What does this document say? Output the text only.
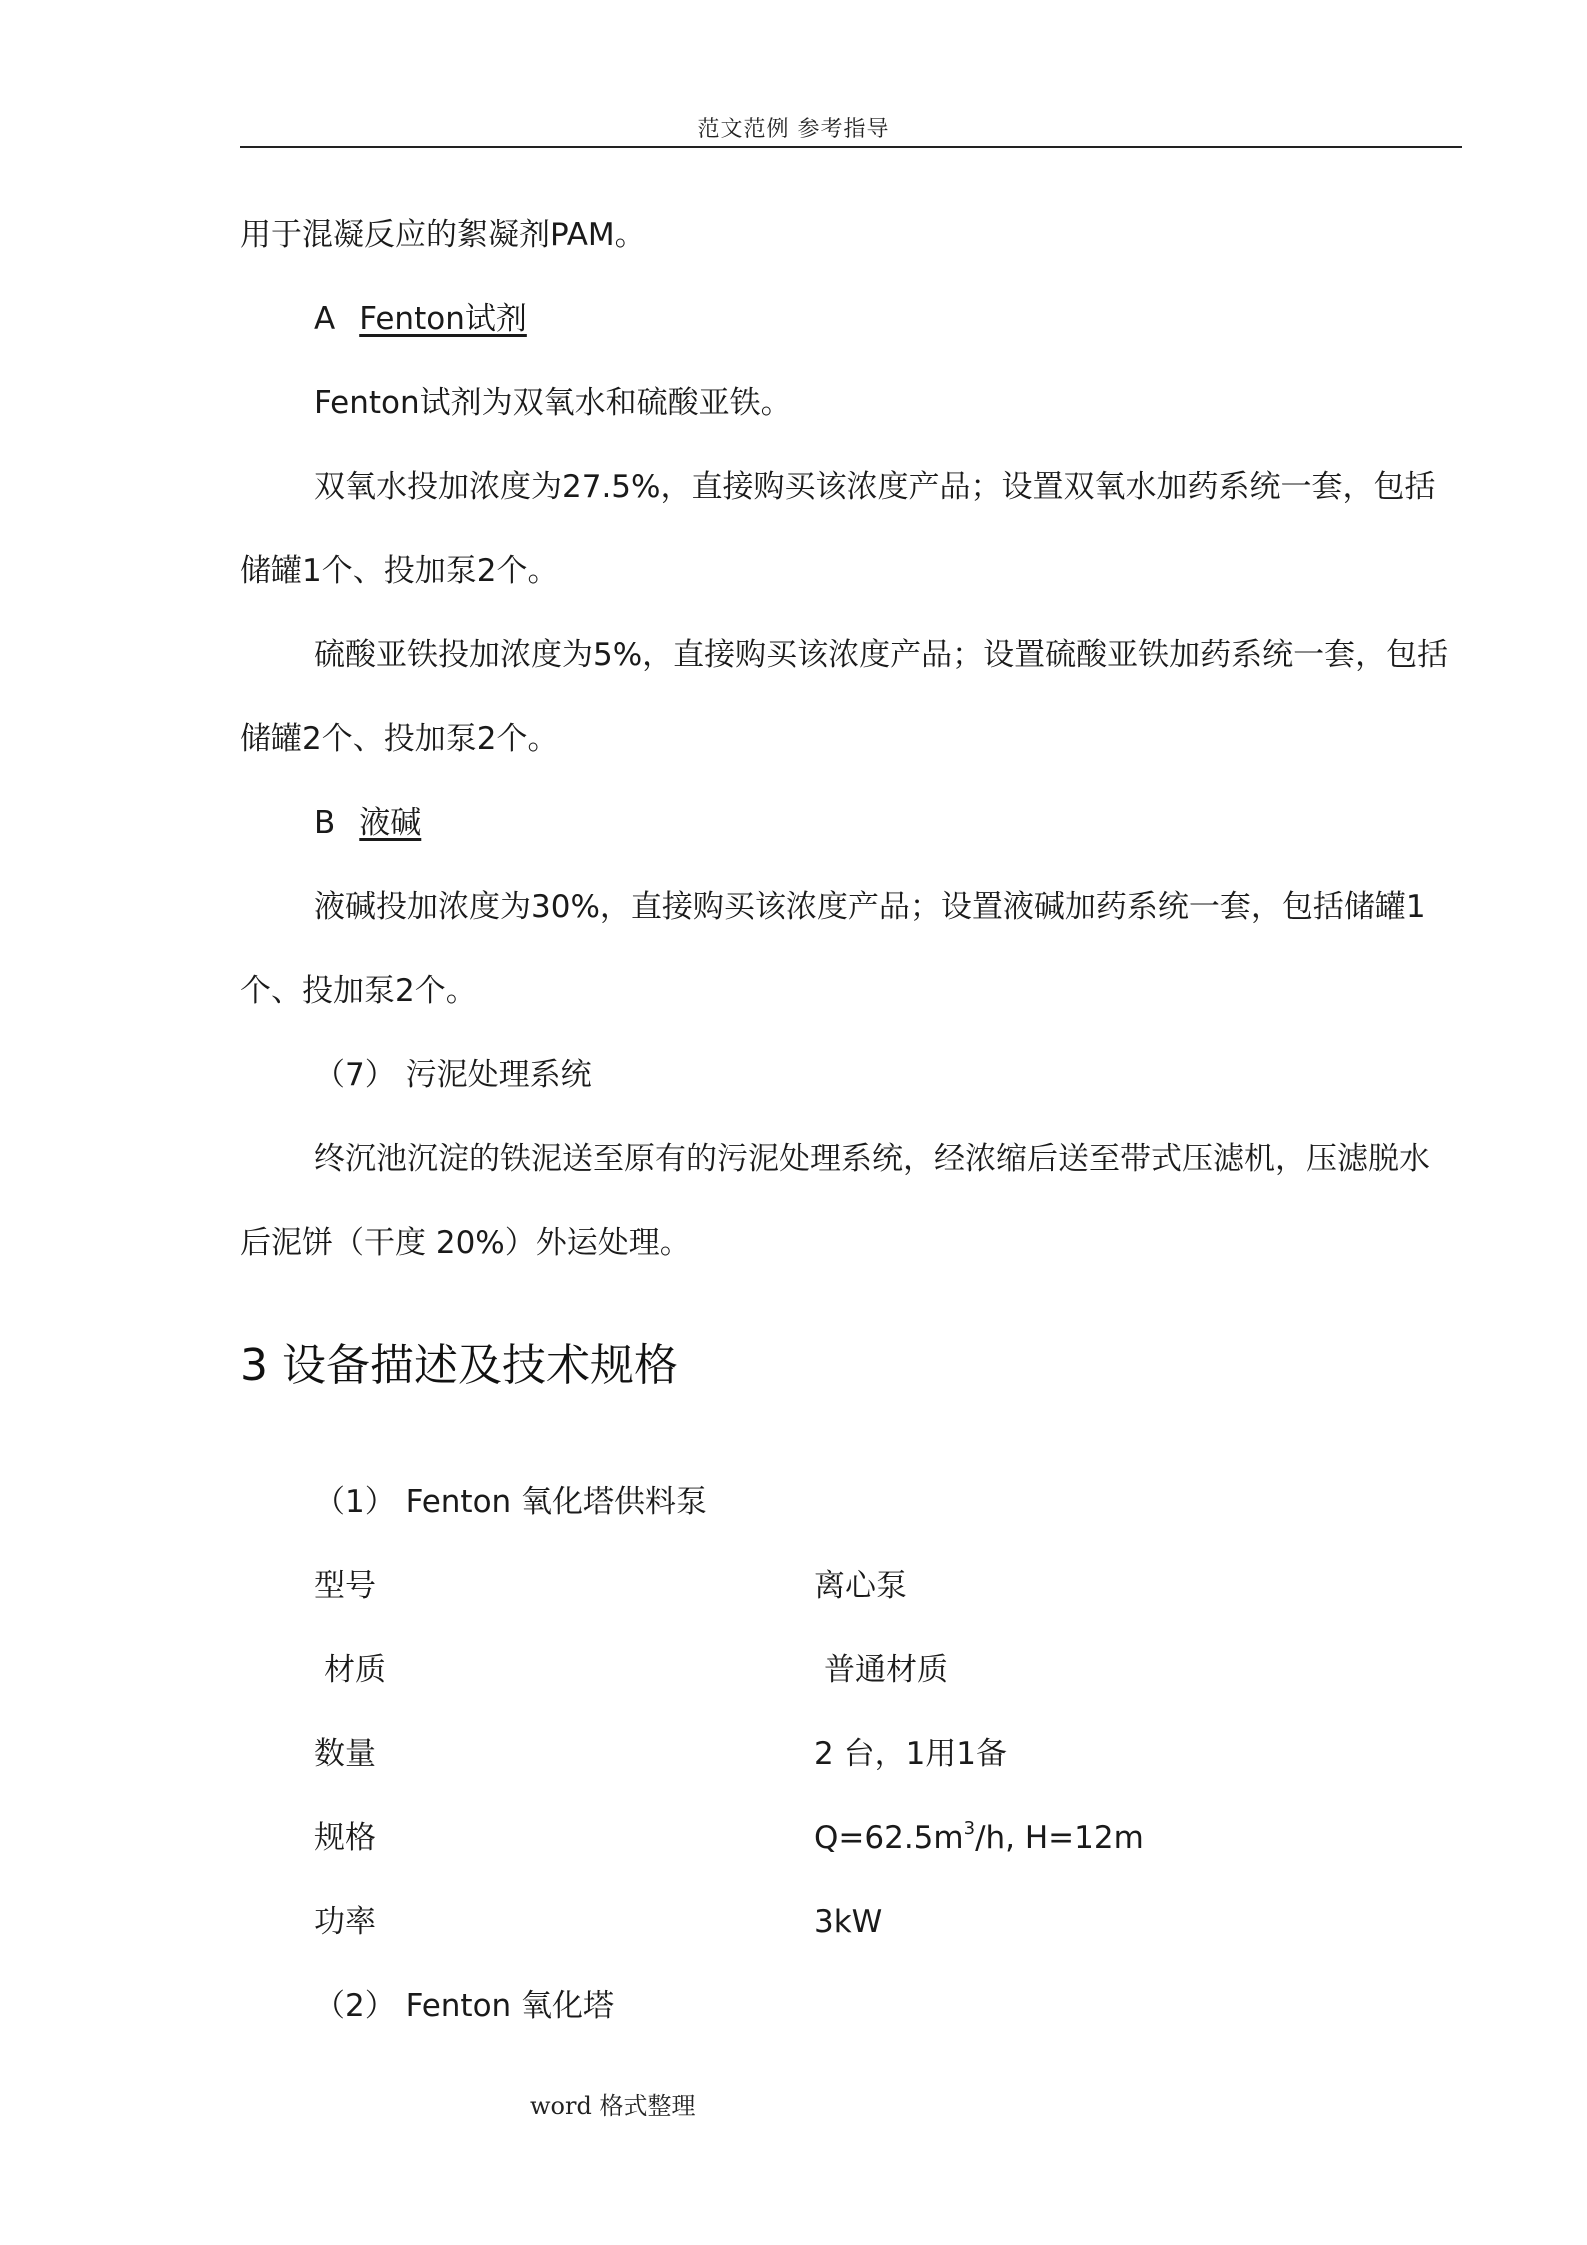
范文范例 参考指导
用于混凝反应的絮凝剂PAM。
A Fenton试剂
Fenton试剂为双氧水和硫酸亚铁。
双氧水投加浓度为27.5%，直接购买该浓度产品；设置双氧水加药系统一套，包括
储罐1个、投加泵2个。
硫酸亚铁投加浓度为5%，直接购买该浓度产品；设置硫酸亚铁加药系统一套，包括
储罐2个、投加泵2个。
B 液碱
液碱投加浓度为30%，直接购买该浓度产品；设置液碱加药系统一套，包括储罐1
个、投加泵2个。
（7） 污泥处理系统
终沉池沉淀的铁泥送至原有的污泥处理系统，经浓缩后送至带式压滤机，压滤脱水
后泥饼（干度 20%）外运处理。
3 设备描述及技术规格
（1） Fenton 氧化塔供料泵
型号	离心泵
材质	普通材质
数量	2 台，1用1备
规格	$Q=62.5m^3/h$, H=12m
功率	3kW
（2） Fenton 氧化塔
word 格式整理
